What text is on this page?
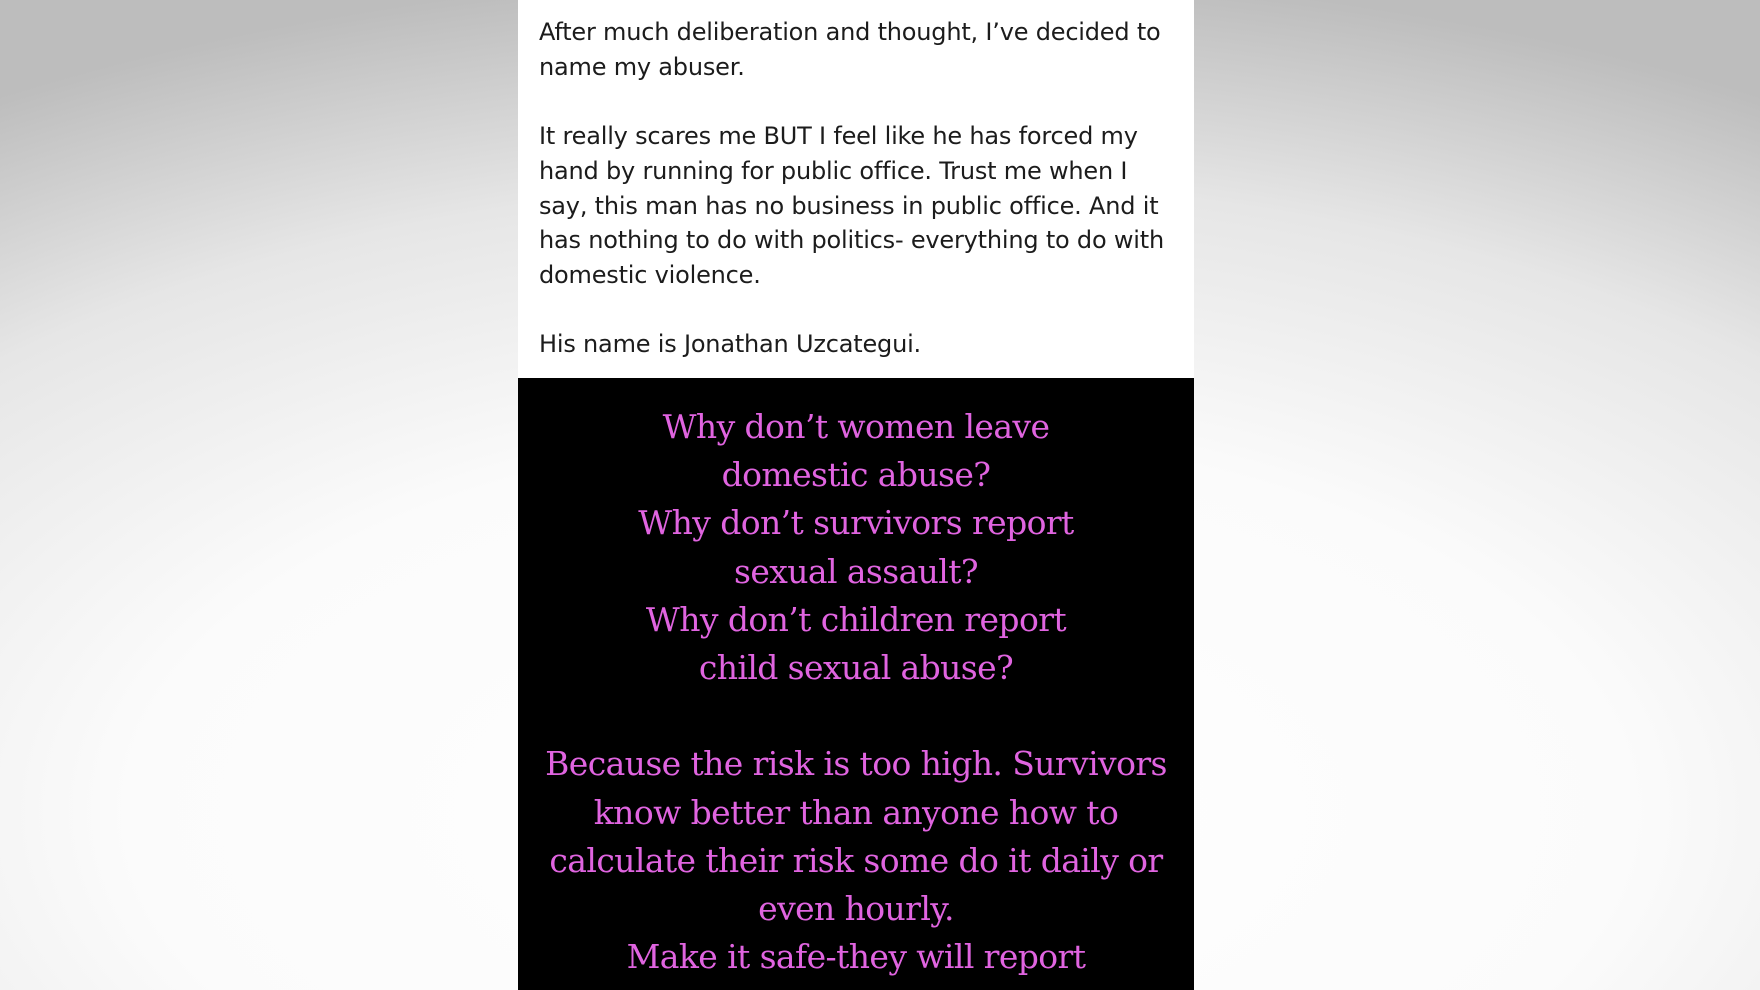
After much deliberation and thought, I’ve decided to
name my abuser.

It really scares me BUT I feel like he has forced my
hand by running for public office. Trust me when I
say, this man has no business in public office. And it
has nothing to do with politics- everything to do with
domestic violence.

His name is Jonathan Uzcategui.

Why don’t women leave
domestic abuse?
Why don’t survivors report
sexual assault?
Why don’t children report
child sexual abuse?
Because the risk is too high. Survivors
know better than anyone how to
calculate their risk some do it daily or
even hourly.
Make it safe-they will report
